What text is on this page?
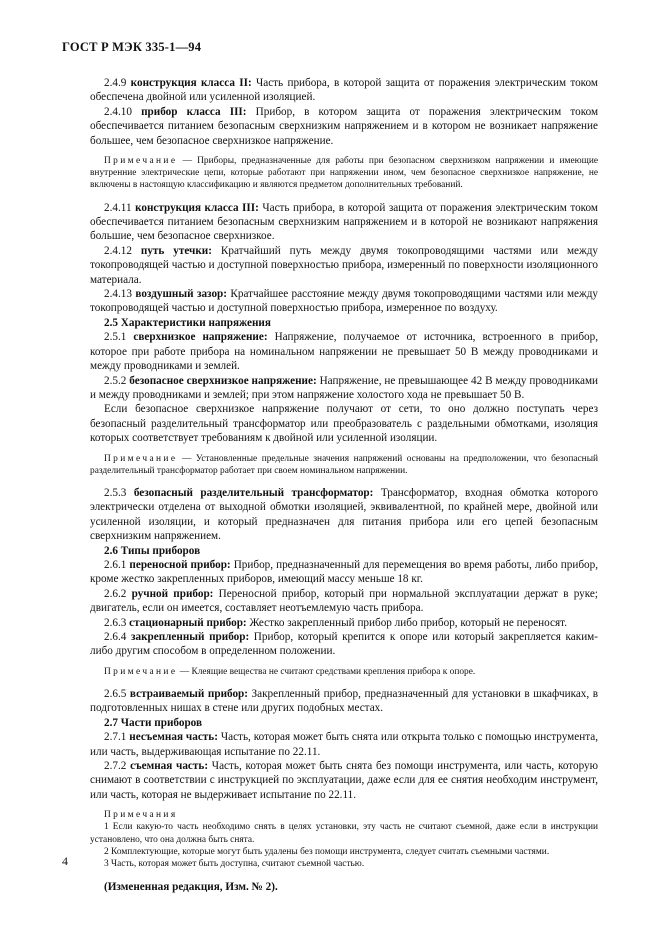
ГОСТ Р МЭК 335-1—94

2.4.9 конструкция класса II: Часть прибора, в которой защита от поражения электрическим током обеспечена двойной или усиленной изоляцией.

2.4.10 прибор класса III: Прибор, в котором защита от поражения электрическим током обеспечивается питанием безопасным сверхнизким напряжением и в котором не возникает напряжение большее, чем безопасное сверхнизкое напряжение.

Примечание — Приборы, предназначенные для работы при безопасном сверхнизком напряжении и имеющие внутренние электрические цепи, которые работают при напряжении ином, чем безопасное сверхнизкое напряжение, не включены в настоящую классификацию и являются предметом дополнительных требований.

2.4.11 конструкция класса III: Часть прибора, в которой защита от поражения электрическим током обеспечивается питанием безопасным сверхнизким напряжением и в которой не возникают напряжения большие, чем безопасное сверхнизкое.

2.4.12 путь утечки: Кратчайший путь между двумя токопроводящими частями или между токопроводящей частью и доступной поверхностью прибора, измеренный по поверхности изоляционного материала.

2.4.13 воздушный зазор: Кратчайшее расстояние между двумя токопроводящими частями или между токопроводящей частью и доступной поверхностью прибора, измеренное по воздуху.

2.5 Характеристики напряжения

2.5.1 сверхнизкое напряжение: Напряжение, получаемое от источника, встроенного в прибор, которое при работе прибора на номинальном напряжении не превышает 50 В между проводниками и между проводниками и землей.

2.5.2 безопасное сверхнизкое напряжение: Напряжение, не превышающее 42 В между проводниками и между проводниками и землей; при этом напряжение холостого хода не превышает 50 В.

Если безопасное сверхнизкое напряжение получают от сети, то оно должно поступать через безопасный разделительный трансформатор или преобразователь с раздельными обмотками, изоляция которых соответствует требованиям к двойной или усиленной изоляции.

Примечание — Установленные предельные значения напряжений основаны на предположении, что безопасный разделительный трансформатор работает при своем номинальном напряжении.

2.5.3 безопасный разделительный трансформатор: Трансформатор, входная обмотка которого электрически отделена от выходной обмотки изоляцией, эквивалентной, по крайней мере, двойной или усиленной изоляции, и который предназначен для питания прибора или его цепей безопасным сверхнизким напряжением.

2.6 Типы приборов

2.6.1 переносной прибор: Прибор, предназначенный для перемещения во время работы, либо прибор, кроме жестко закрепленных приборов, имеющий массу меньше 18 кг.

2.6.2 ручной прибор: Переносной прибор, который при нормальной эксплуатации держат в руке; двигатель, если он имеется, составляет неотъемлемую часть прибора.

2.6.3 стационарный прибор: Жестко закрепленный прибор либо прибор, который не переносят.

2.6.4 закрепленный прибор: Прибор, который крепится к опоре или который закрепляется каким-либо другим способом в определенном положении.

Примечание — Клеящие вещества не считают средствами крепления прибора к опоре.

2.6.5 встраиваемый прибор: Закрепленный прибор, предназначенный для установки в шкафчиках, в подготовленных нишах в стене или других подобных местах.

2.7 Части приборов

2.7.1 несъемная часть: Часть, которая может быть снята или открыта только с помощью инструмента, или часть, выдерживающая испытание по 22.11.

2.7.2 съемная часть: Часть, которая может быть снята без помощи инструмента, или часть, которую снимают в соответствии с инструкцией по эксплуатации, даже если для ее снятия необходим инструмент, или часть, которая не выдерживает испытание по 22.11.

Примечания

1 Если какую-то часть необходимо снять в целях установки, эту часть не считают съемной, даже если в инструкции установлено, что она должна быть снята.

2 Комплектующие, которые могут быть удалены без помощи инструмента, следует считать съемными частями.

3 Часть, которая может быть доступна, считают съемной частью.

(Измененная редакция, Изм. № 2).

4
